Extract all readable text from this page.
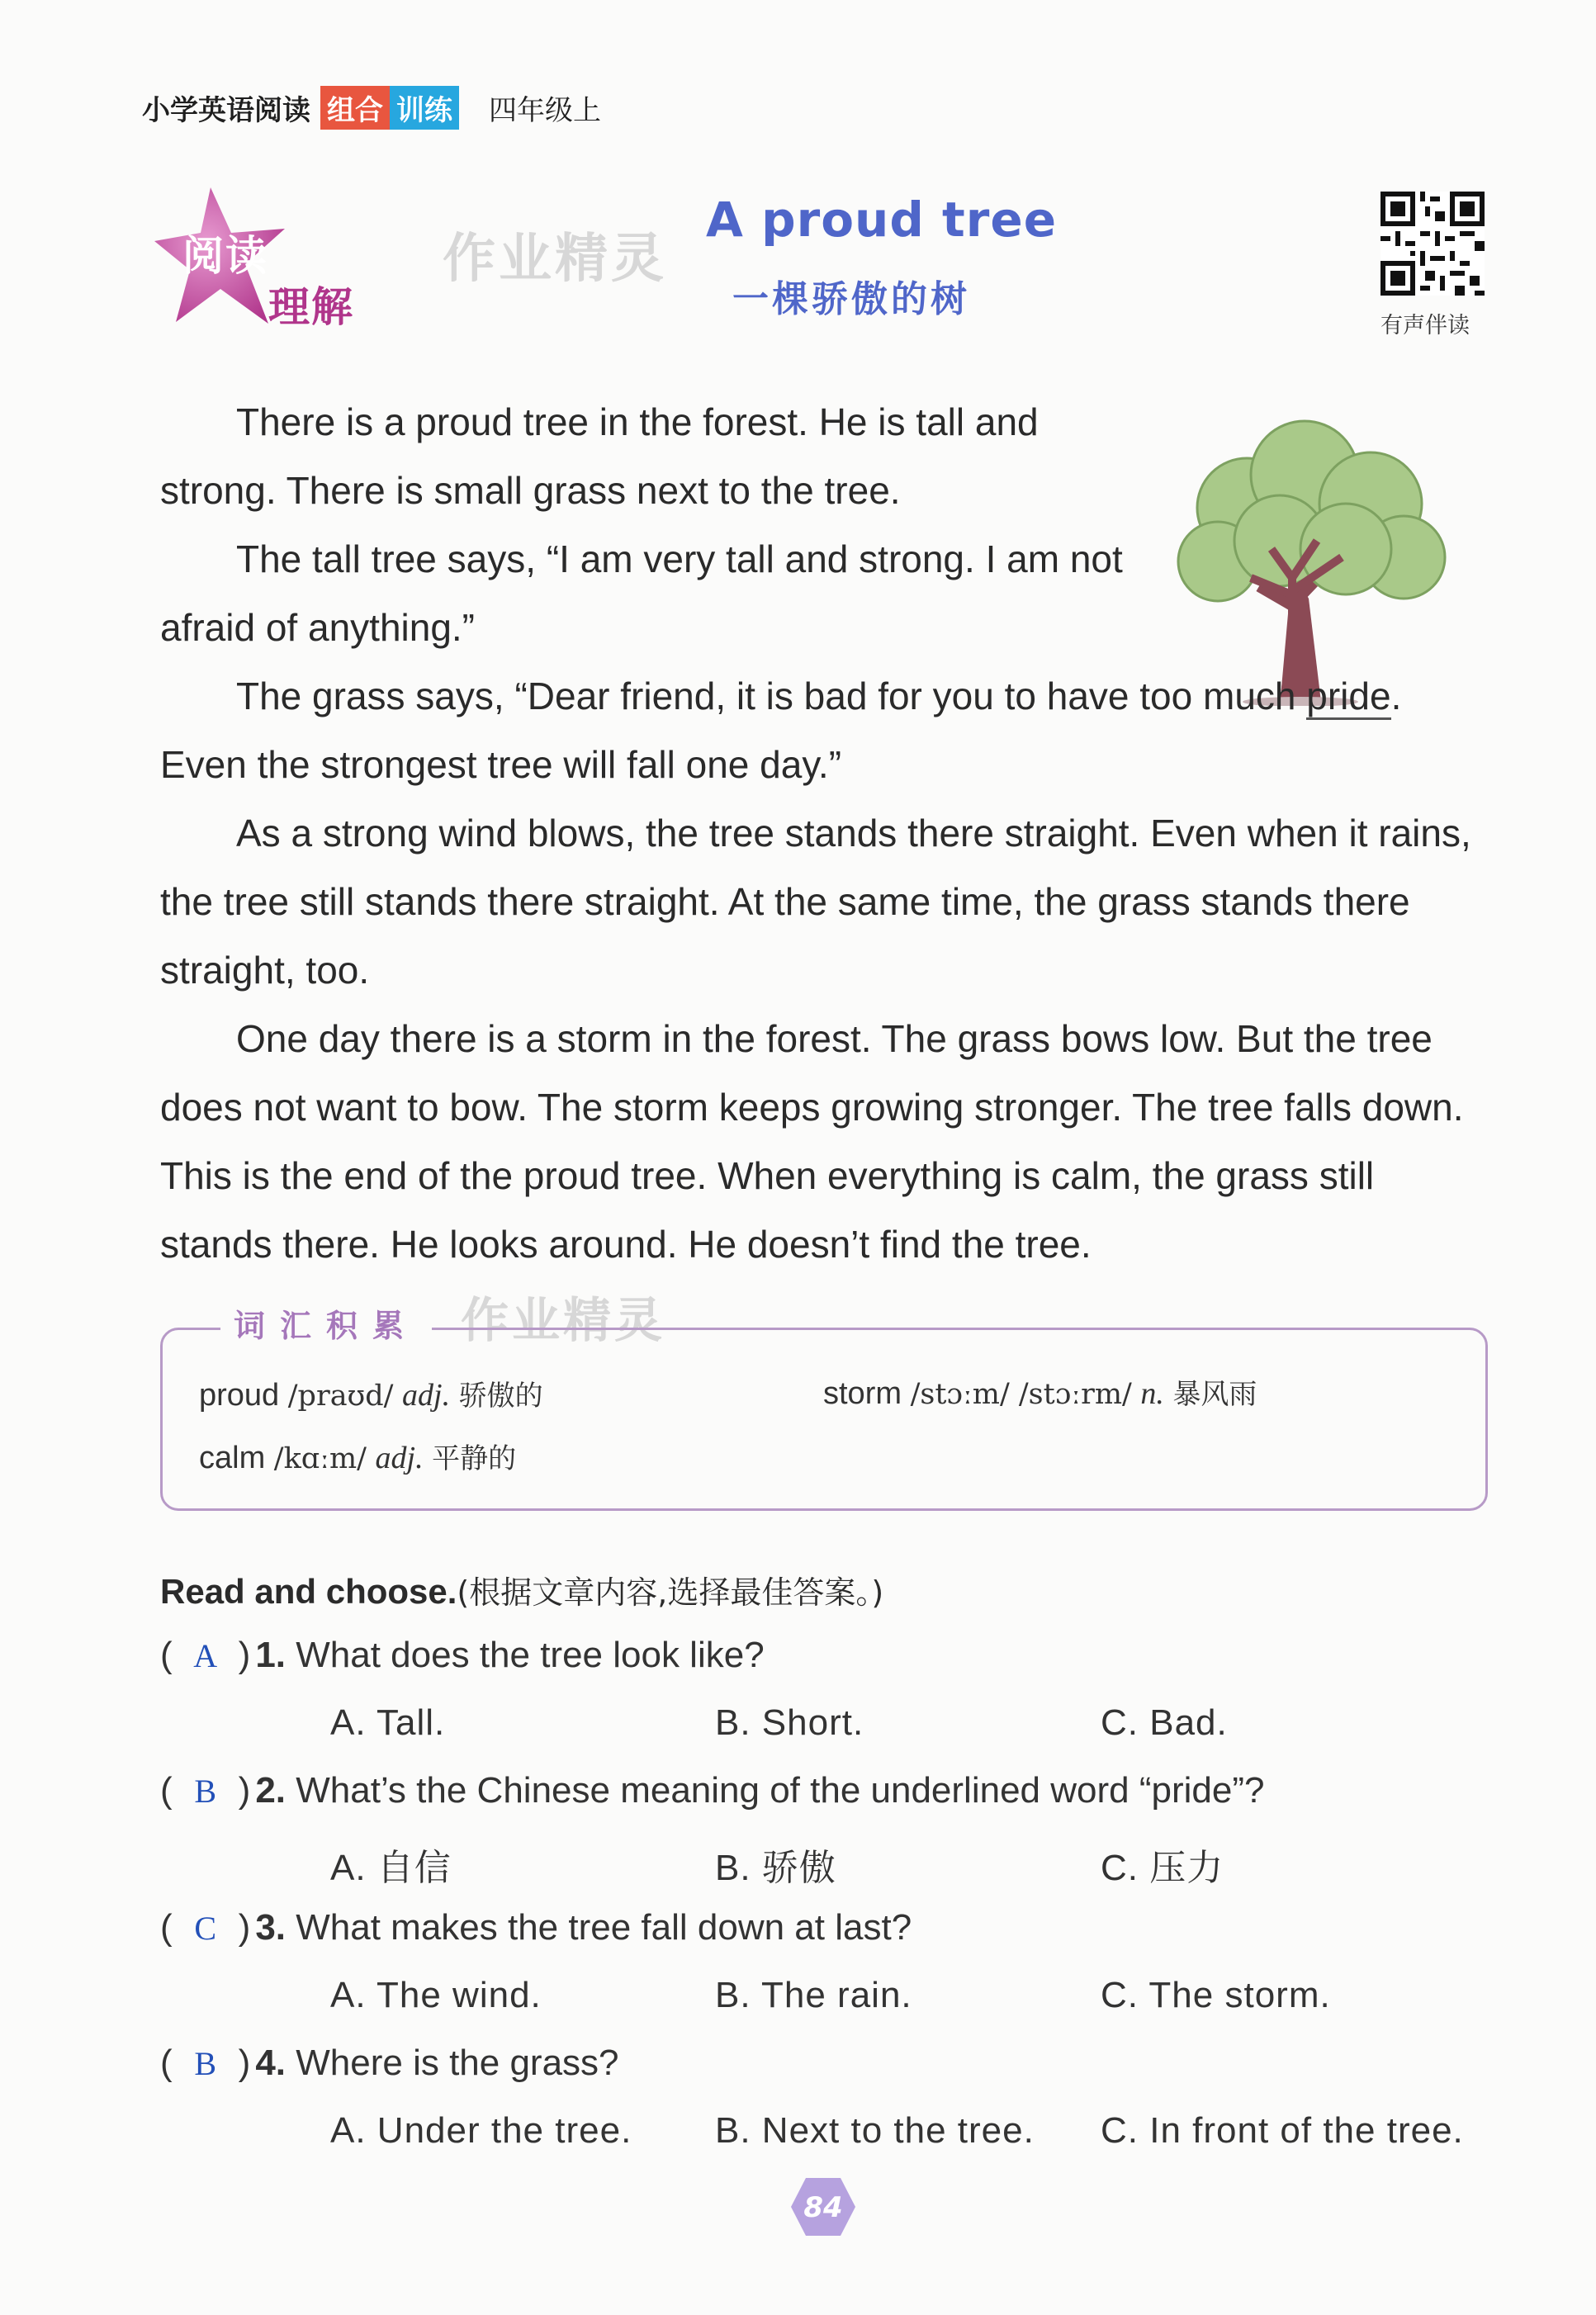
小学英语阅读 组合 训练 四年级上
阅读
理解
作业精灵
A proud tree
一棵骄傲的树
有声伴读

There is a proud tree in the forest. He is tall and strong. There is small grass next to the tree.

The tall tree says, “I am very tall and strong. I am not afraid of anything.”

The grass says, “Dear friend, it is bad for you to have too much pride. Even the strongest tree will fall one day.”

As a strong wind blows, the tree stands there straight. Even when it rains, the tree still stands there straight. At the same time, the grass stands there straight, too.

One day there is a storm in the forest. The grass bows low. But the tree does not want to bow. The storm keeps growing stronger. The tree falls down. This is the end of the proud tree. When everything is calm, the grass still stands there. He looks around. He doesn’t find the tree.

作业精灵
词汇积累
proud /praʊd/ adj. 骄傲的	storm /stɔːm/ /stɔːrm/ n. 暴风雨
calm /kɑːm/ adj. 平静的
Read and choose.(根据文章内容,选择最佳答案。)
( A ) 1. What does the tree look like?
A. Tall.	B. Short.	C. Bad.
( B ) 2. What’s the Chinese meaning of the underlined word “pride”?
A. 自信	B. 骄傲	C. 压力
( C ) 3. What makes the tree fall down at last?
A. The wind.	B. The rain.	C. The storm.
( B ) 4. Where is the grass?
A. Under the tree. B. Next to the tree. C. In front of the tree.
84
